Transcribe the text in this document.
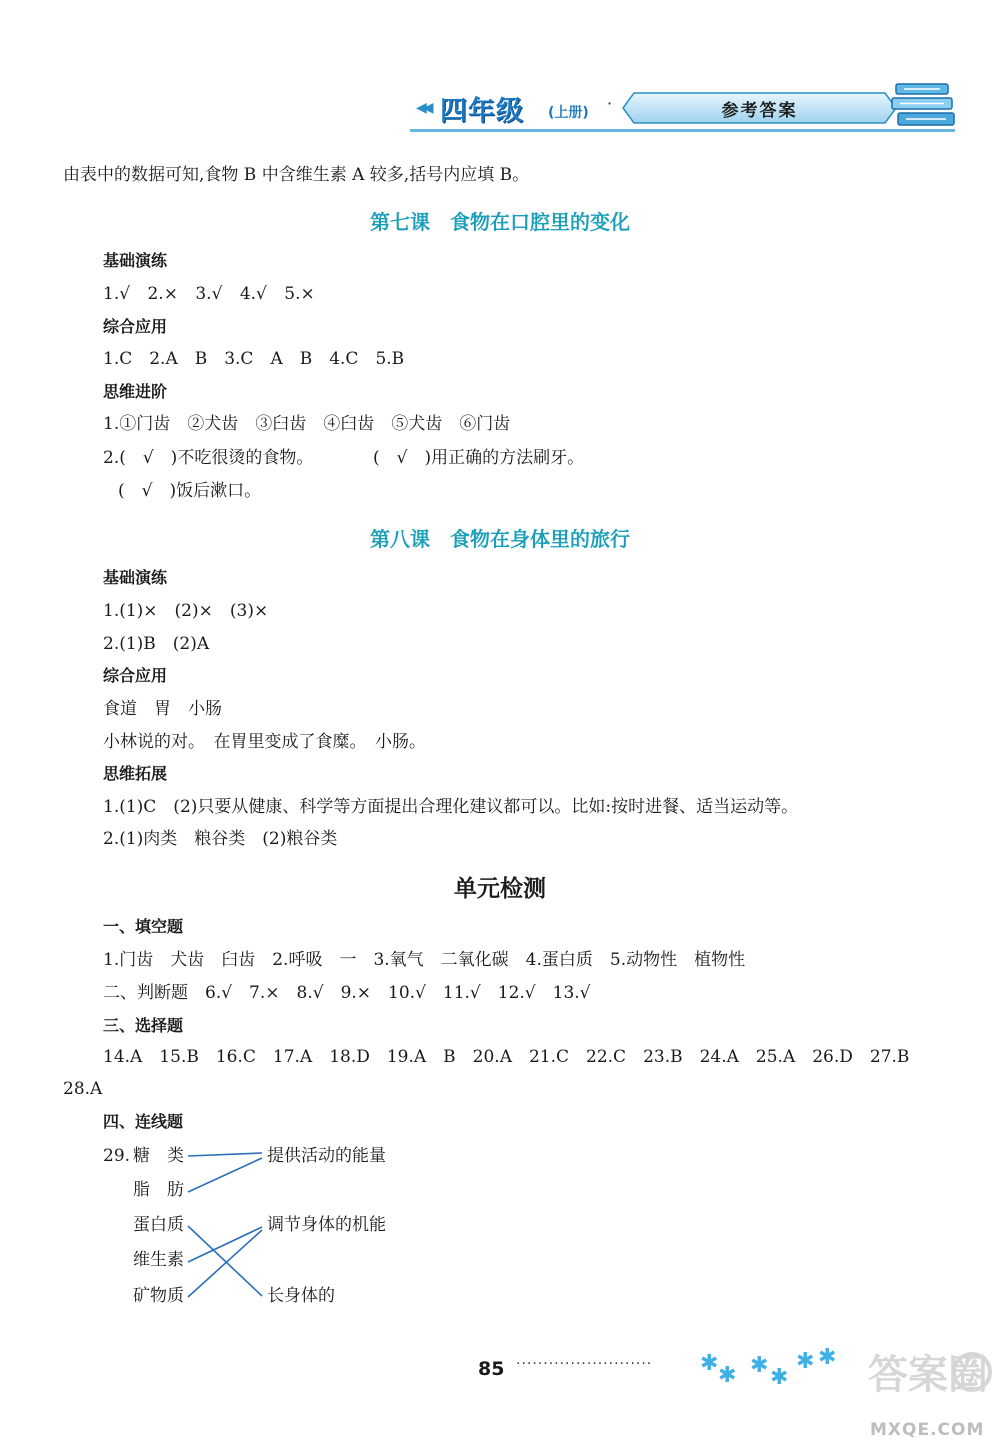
◀◀ 四年级 (上册) ·	参考答案
由表中的数据可知,食物 B 中含维生素 A 较多,括号内应填 B。
第七课　食物在口腔里的变化
基础演练
1.√ 2.× 3.√ 4.√ 5.×
综合应用
1.C　2.A　B　3.C　A　B　4.C　5.B
思维进阶
1.①门齿　②犬齿　③臼齿　④臼齿　⑤犬齿　⑥门齿
2.(　√　)不吃很烫的食物。	(　√　)用正确的方法刷牙。
(　√　)饭后漱口。
第八课　食物在身体里的旅行
基础演练
1.(1)×　(2)×　(3)×
2.(1)B　(2)A
综合应用
食道　胃　小肠
小林说的对。　在胃里变成了食糜。　小肠。
思维拓展
1.(1)C　(2)只要从健康、科学等方面提出合理化建议都可以。比如:按时进餐、适当运动等。
2.(1)肉类　粮谷类　(2)粮谷类
单元检测
一、填空题
1.门齿　犬齿　臼齿　2.呼吸　一　3.氧气　二氧化碳　4.蛋白质　5.动物性　植物性
二、判断题　6.√　7.×　8.√　9.×　10.√　11.√　12.√　13.√
三、选择题
14.A　15.B　16.C　17.A　18.D　19.A　B　20.A　21.C　22.C　23.B　24.A　25.A　26.D　27.B
28.A
四、连线题
29. 糖　类
脂　肪
蛋白质
维生素
矿物质
提供活动的能量
调节身体的机能
长身体的
85 ························· ✱ ✱ ✱ ✱
✱ ✱ 答案圈
MXQE.COM
